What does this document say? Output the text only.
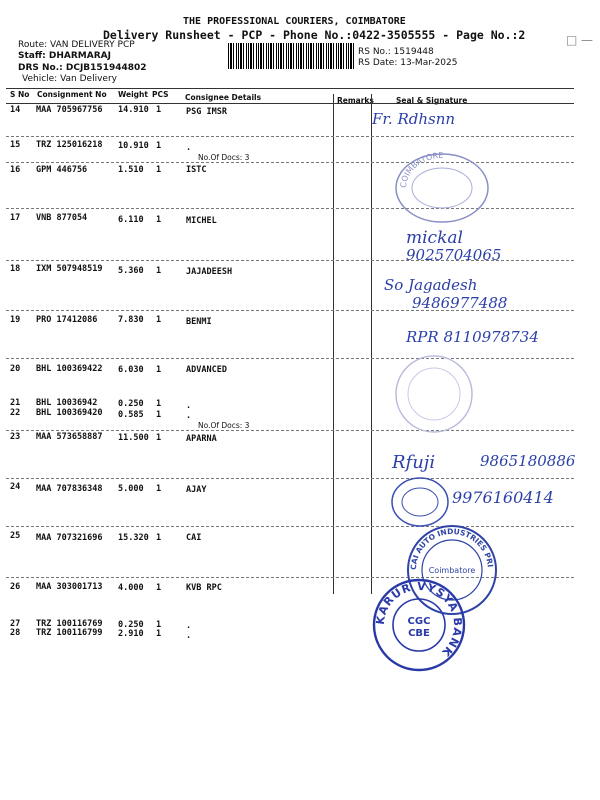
THE PROFESSIONAL COURIERS, COIMBATORE
Delivery Runsheet - PCP - Phone No.:0422-3505555 - Page No.:2
Route: VAN DELIVERY PCP
Staff: DHARMARAJ
DRS No.: DCJB151944802
Vehicle: Van Delivery
RS No.: 1519448
RS Date: 13-Mar-2025
□ —
S No Consignment No Weight PCS Consignee Details	Remarks	Seal & Signature
14 MAA 705967756 14.910 1	PSG IMSR
15 TRZ 125016218 10.910 1	.
No.Of Docs: 3
16 GPM 446756	1.510 1	ISTC
17 VNB 877054	6.110 1	MICHEL
18 IXM 507948519 5.360 1	JAJADEESH
19 PRO 17412086 7.830 1	BENMI
20 BHL 100369422 6.030 1	ADVANCED
21 BHL 10036942 0.250 1	.
22 BHL 100369420 0.585 1	.
No.Of Docs: 3
23 MAA 573658887 11.500 1	APARNA
24 MAA 707836348 5.000 1	AJAY
25 MAA 707321696 15.320 1	CAI
26 MAA 303001713 4.000 1	KVB RPC
27 TRZ 100116769 0.250 1	.
28 TRZ 100116799 2.910 1	.
Fr. Rdhsnn
mickal
9025704065
So Jagadesh
9486977488
RPR 8110978734
Rfuji	9865180886
9976160414
COIMBATORE
CAI AUTO INDUSTRIES PRIVATE LIMITED
Coimbatore
KARUR VYSYA BANK
CGC
CBE
